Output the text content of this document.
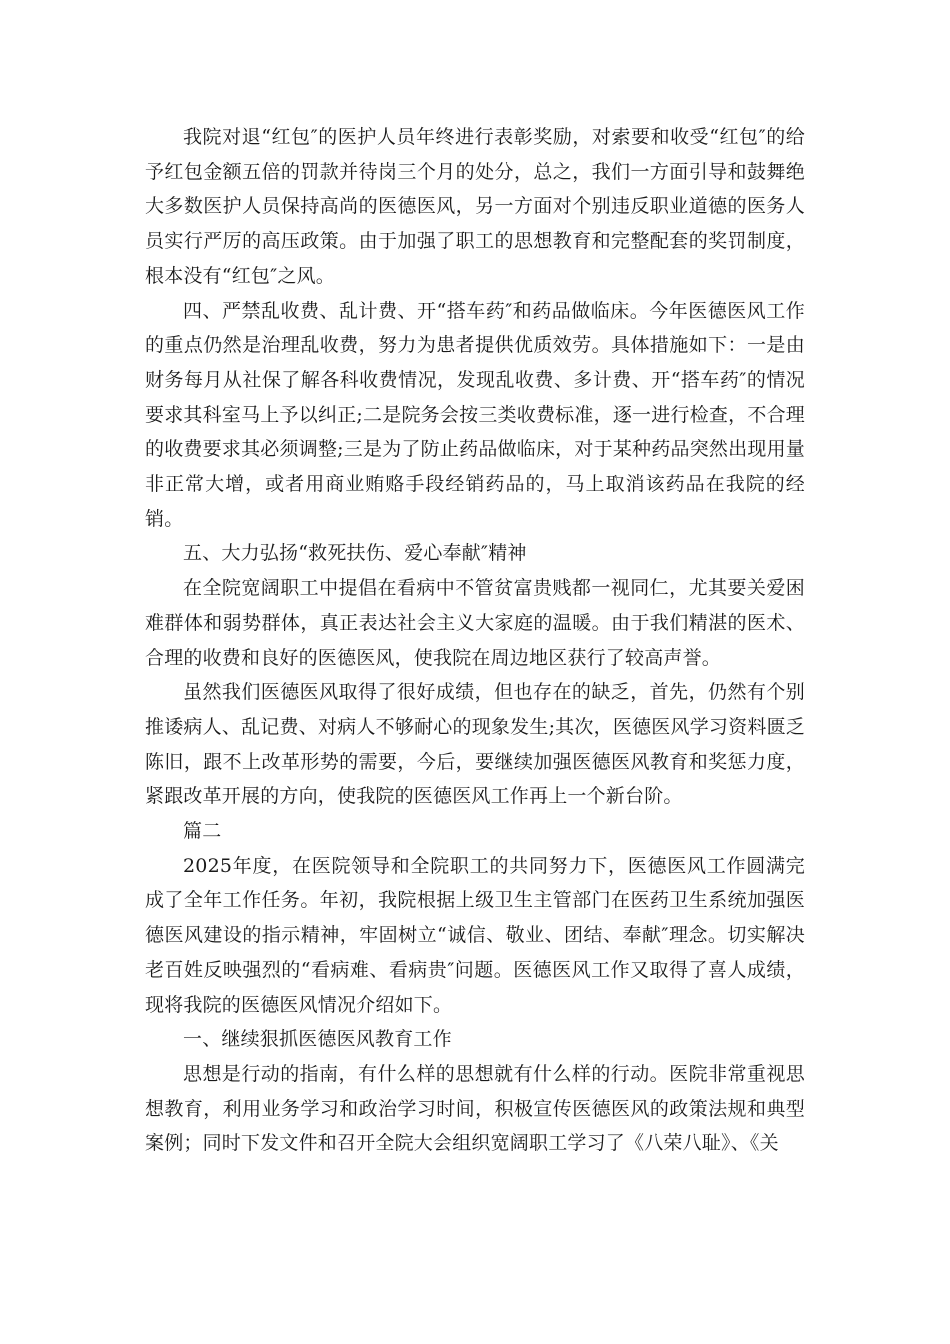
我院对退“红包″的医护人员年终进行表彰奖励，对索要和收受“红包″的给予红包金额五倍的罚款并待岗三个月的处分，总之，我们一方面引导和鼓舞绝大多数医护人员保持高尚的医德医风，另一方面对个别违反职业道德的医务人员实行严厉的高压政策。由于加强了职工的思想教育和完整配套的奖罚制度，根本没有“红包″之风。

四、严禁乱收费、乱计费、开“搭车药″和药品做临床。今年医德医风工作的重点仍然是治理乱收费，努力为患者提供优质效劳。具体措施如下：一是由财务每月从社保了解各科收费情况，发现乱收费、多计费、开“搭车药″的情况要求其科室马上予以纠正;二是院务会按三类收费标准，逐一进行检查，不合理的收费要求其必须调整;三是为了防止药品做临床，对于某种药品突然出现用量非正常大增，或者用商业贿赂手段经销药品的，马上取消该药品在我院的经销。

五、大力弘扬“救死扶伤、爱心奉献″精神

在全院宽阔职工中提倡在看病中不管贫富贵贱都一视同仁，尤其要关爱困难群体和弱势群体，真正表达社会主义大家庭的温暖。由于我们精湛的医术、合理的收费和良好的医德医风，使我院在周边地区获行了较高声誉。

虽然我们医德医风取得了很好成绩，但也存在的缺乏，首先，仍然有个别推诿病人、乱记费、对病人不够耐心的现象发生;其次，医德医风学习资料匮乏陈旧，跟不上改革形势的需要，今后，要继续加强医德医风教育和奖惩力度，紧跟改革开展的方向，使我院的医德医风工作再上一个新台阶。

篇二

2025年度，在医院领导和全院职工的共同努力下，医德医风工作圆满完成了全年工作任务。年初，我院根据上级卫生主管部门在医药卫生系统加强医德医风建设的指示精神，牢固树立“诚信、敬业、团结、奉献″理念。切实解决老百姓反映强烈的“看病难、看病贵″问题。医德医风工作又取得了喜人成绩，现将我院的医德医风情况介绍如下。

一、继续狠抓医德医风教育工作

思想是行动的指南，有什么样的思想就有什么样的行动。医院非常重视思想教育，利用业务学习和政治学习时间，积极宣传医德医风的政策法规和典型案例；同时下发文件和召开全院大会组织宽阔职工学习了《八荣八耻》、《关
